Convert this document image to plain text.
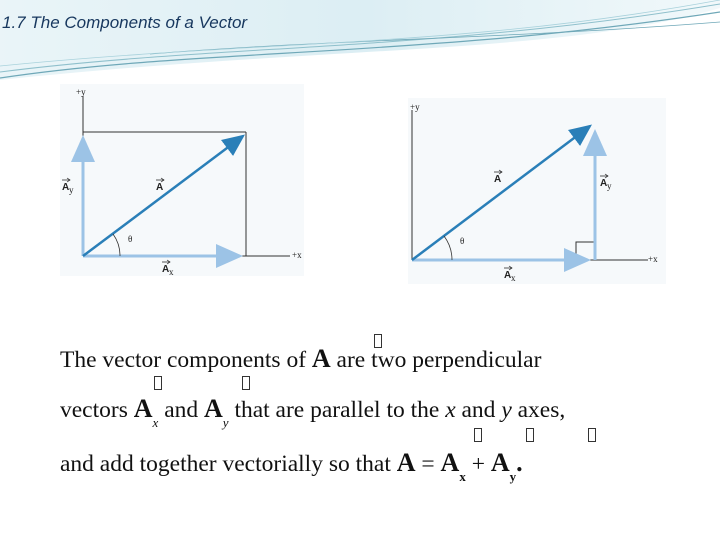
1.7 The Components of a Vector
+y
+x
θ
A
A y
A x
+y
+x
θ
A	A y
A x
The vector components of A are two perpendicular
vectors $A_x$ and $A_y$ that are parallel to the x and y axes,
and add together vectorially so that $A = A_x + A_y$.
